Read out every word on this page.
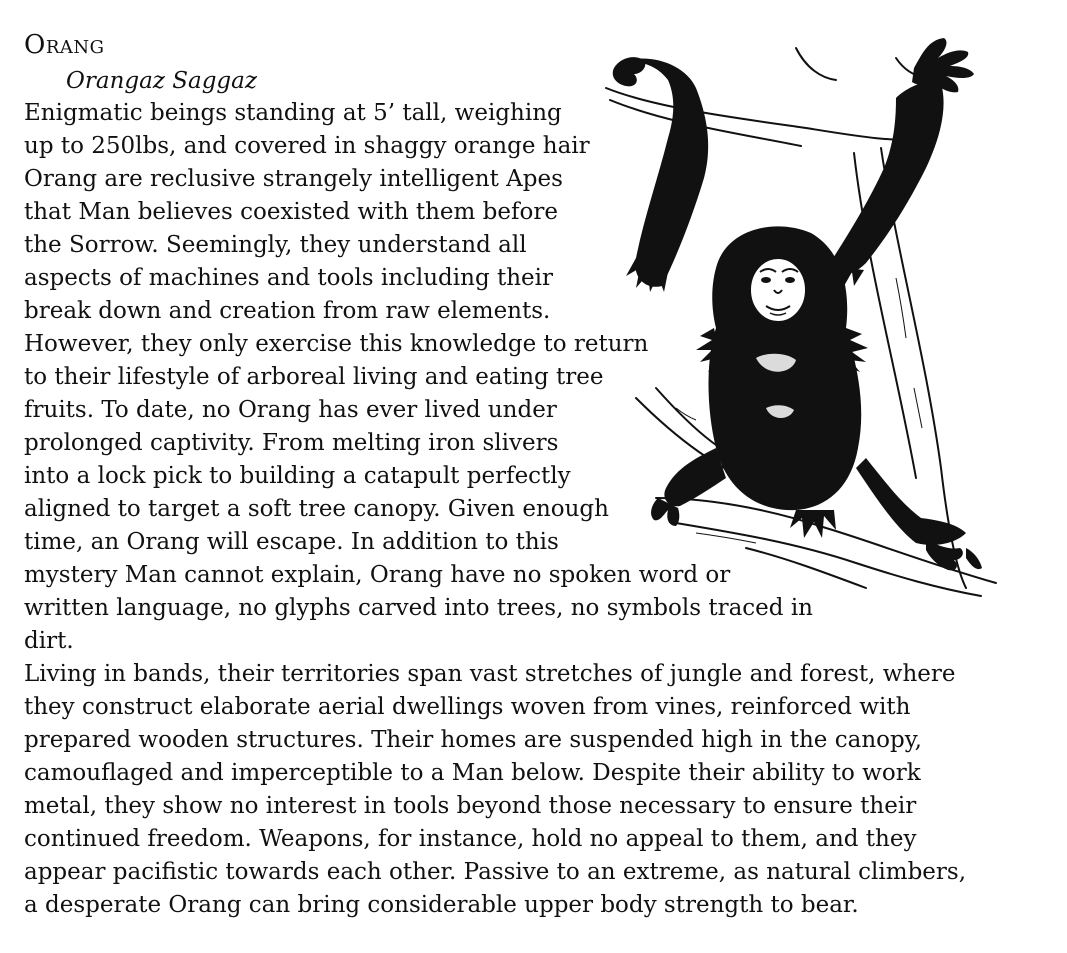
Orang
Orangaz Saggaz
Enigmatic beings standing at 5’ tall, weighing
up to 250lbs, and covered in shaggy orange hair
Orang are reclusive strangely intelligent Apes
that Man believes coexisted with them before
the Sorrow. Seemingly, they understand all
aspects of machines and tools including their
break down and creation from raw elements.
However, they only exercise this knowledge to return
to their lifestyle of arboreal living and eating tree
fruits. To date, no Orang has ever lived under
prolonged captivity. From melting iron slivers
into a lock pick to building a catapult perfectly
aligned to target a soft tree canopy. Given enough
time, an Orang will escape. In addition to this
mystery Man cannot explain, Orang have no spoken word or
written language, no glyphs carved into trees, no symbols traced in
dirt.
Living in bands, their territories span vast stretches of jungle and forest, where
they construct elaborate aerial dwellings woven from vines, reinforced with
prepared wooden structures. Their homes are suspended high in the canopy,
camouflaged and imperceptible to a Man below. Despite their ability to work
metal, they show no interest in tools beyond those necessary to ensure their
continued freedom. Weapons, for instance, hold no appeal to them, and they
appear pacifistic towards each other. Passive to an extreme, as natural climbers,
a desperate Orang can bring considerable upper body strength to bear.
